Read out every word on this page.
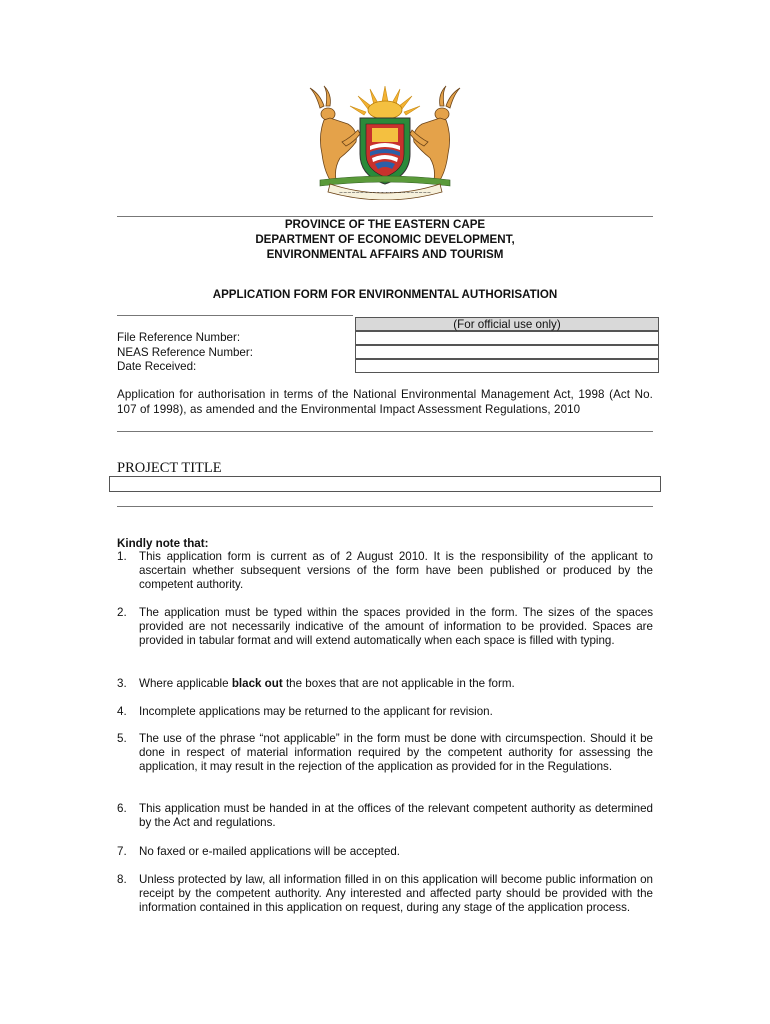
~~~~~~~~~~~~~~~~~~~~~~
PROVINCE OF THE EASTERN CAPE
DEPARTMENT OF ECONOMIC DEVELOPMENT,
ENVIRONMENTAL AFFAIRS AND TOURISM
APPLICATION FORM FOR ENVIRONMENTAL AUTHORISATION
(For official use only)
File Reference Number:
NEAS Reference Number:
Date Received:
Application for authorisation in terms of the National Environmental Management Act, 1998 (Act No. 107 of 1998), as amended and the Environmental Impact Assessment Regulations, 2010
PROJECT TITLE
Kindly note that:
1.	This application form is current as of 2 August 2010. It is the responsibility of the applicant to ascertain whether subsequent versions of the form have been published or produced by the competent authority.
2.	The application must be typed within the spaces provided in the form. The sizes of the spaces provided are not necessarily indicative of the amount of information to be provided. Spaces are provided in tabular format and will extend automatically when each space is filled with typing.
3.	Where applicable black out the boxes that are not applicable in the form.
4.	Incomplete applications may be returned to the applicant for revision.
5.	The use of the phrase “not applicable” in the form must be done with circumspection. Should it be done in respect of material information required by the competent authority for assessing the application, it may result in the rejection of the application as provided for in the Regulations.
6.	This application must be handed in at the offices of the relevant competent authority as determined by the Act and regulations.
7.	No faxed or e-mailed applications will be accepted.
8.	Unless protected by law, all information filled in on this application will become public information on receipt by the competent authority. Any interested and affected party should be provided with the information contained in this application on request, during any stage of the application process.
